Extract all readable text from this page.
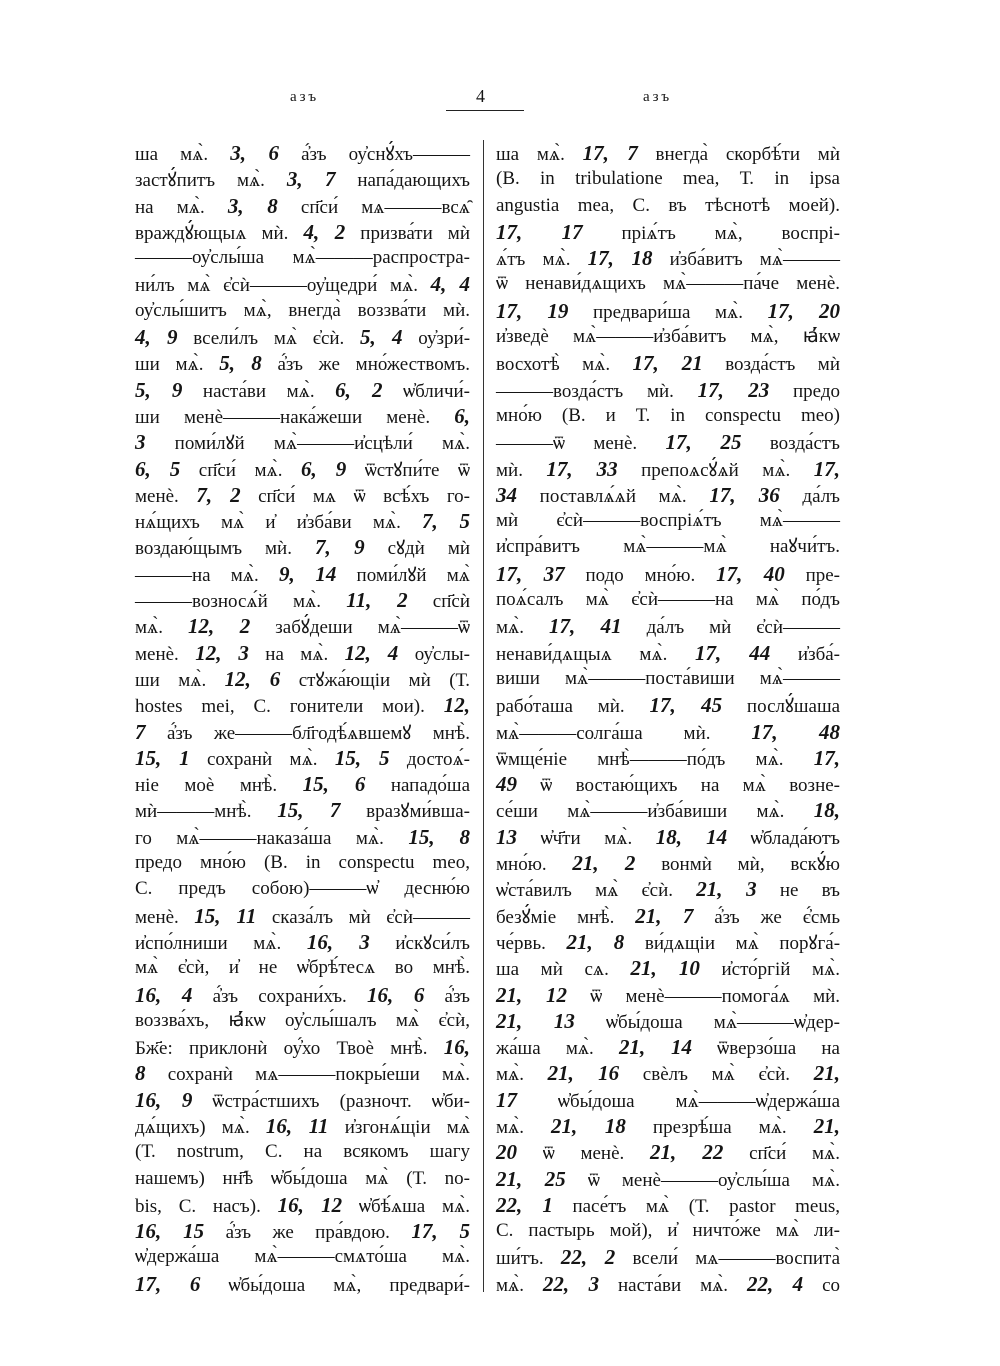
азъ	4	азъ
ша мѧ̀. 3, 6 а҆́зъ оу҆снꙋ́хъ———
застꙋ́питъ мѧ̀. 3, 7 напа́дающихъ
на мѧ̀. 3, 8 сп҃си́ мѧ———всѧ̑
враждꙋ́ющыѧ мѝ. 4, 2 призва́ти мѝ
———оу҆слы́ша мѧ̀———распростра-
ни́лъ мѧ̀ є҆сѝ———оу҆щедри́ мѧ̀. 4, 4
оу҆слы́шитъ мѧ̀, внегда̀ воззва́ти мѝ.
4, 9 всели́лъ мѧ̀ є҆сѝ. 5, 4 оу҆зри́-
ши мѧ̀. 5, 8 а҆́зъ же мно́жествомъ.
5, 9 наста́ви мѧ̀. 6, 2 ѡ҆бличи́-
ши менѐ———нака́жеши менѐ. 6,
3 поми́лꙋй мѧ̀———и҆сцѣли́ мѧ̀.
6, 5 сп҃си́ мѧ̀. 6, 9 ѿстꙋпи́те ѿ
менѐ. 7, 2 сп҃си́ мѧ ѿ всѣ́хъ го-
нѧ́щихъ мѧ̀ и҆ и҆зба́ви мѧ̀. 7, 5
воздаю́щымъ мѝ. 7, 9 сꙋдѝ мѝ
———на мѧ̀. 9, 14 поми́лꙋй мѧ̀
———возносѧ́й мѧ̀. 11, 2 сп҃сѝ
мѧ̀. 12, 2 забꙋ́деши мѧ̀———ѿ
менѐ. 12, 3 на мѧ̀. 12, 4 оу҆слы-
ши мѧ̀. 12, 6 стꙋжа́ющіи мѝ (Т.
hostes mei, С. гонители мои). 12,
7 а҆́зъ же———бл҃годѣ́ѧвшемꙋ мнѣ̀.
15, 1 сохранѝ мѧ̀. 15, 5 достоѧ́-
ніе моѐ мнѣ̀. 15, 6 нападо́ша
мѝ———мнѣ̀. 15, 7 вразꙋми́вша-
го мѧ̀———наказа́ша мѧ̀. 15, 8
предо мно́ю (В. in conspectu meo,
С. предъ собою)———ѡ҆ десню́ю
менѐ. 15, 11 сказа́лъ мѝ є҆сѝ———
и҆спо́лниши мѧ̀. 16, 3 и҆скꙋси́лъ
мѧ̀ є҆сѝ, и҆ не ѡ҆брѣ́тесѧ во мнѣ̀.
16, 4 а҆́зъ сохрани́хъ. 16, 6 а҆́зъ
воззва́хъ, ꙗ҆́кѡ оу҆слы́шалъ мѧ̀ є҆сѝ,
Бж҃е: приклонѝ оу҆́хо Твоѐ мнѣ̀. 16,
8 сохранѝ мѧ———покры́еши мѧ̀.
16, 9 ѿстра́стшихъ (разночт. ѡ҆би-
дѧ́щихъ) мѧ̀. 16, 11 и҆згонѧ́щіи мѧ̀
(Т. nostrum, С. на всякомъ шагу
нашемъ) нн҃ѣ ѡ҆бы́доша мѧ̀ (Т. no-
bis, С. насъ). 16, 12 ѡ҆бѣ́ѧша мѧ̀.
16, 15 а҆́зъ же пра́вдою. 17, 5
ѡ҆держа́ша мѧ̀———смѧто́ша мѧ̀.
17, 6 ѡ҆бы́доша мѧ̀, предвари́-
ша мѧ̀. 17, 7 внегда̀ скорбѣ́ти мѝ
(В. in tribulatione mea, Т. in ipsa
angustia mea, С. въ тѣснотѣ моей).
17, 17 пріѧ́тъ мѧ̀, воспрі-
ѧ́тъ мѧ̀. 17, 18 и҆зба́витъ мѧ̀———
ѿ ненави́дѧщихъ мѧ̀———па́че менѐ.
17, 19 предвари́ша мѧ̀. 17, 20
и҆зведѐ мѧ̀———и҆зба́витъ мѧ̀, ꙗ҆́кѡ
восхотѣ̀ мѧ̀. 17, 21 возда́стъ мѝ
———возда́стъ мѝ. 17, 23 предо
мно́ю (В. и Т. in conspectu meo)
———ѿ менѐ. 17, 25 возда́стъ
мѝ. 17, 33 препоѧсꙋ́ѧй мѧ̀. 17,
34 поставлѧ́ѧй мѧ̀. 17, 36 да́лъ
мѝ є҆сѝ———воспріѧ́тъ мѧ̀———
и҆спра́витъ мѧ̀———мѧ̀ наꙋчи́тъ.
17, 37 подо мно́ю. 17, 40 пре-
поѧ́салъ мѧ̀ є҆сѝ———на мѧ̀ по́дъ
мѧ̀. 17, 41 да́лъ мѝ є҆сѝ———
ненави́дѧщыѧ мѧ̀. 17, 44 и҆зба́-
виши мѧ̀———поста́виши мѧ̀———
рабо́таша мѝ. 17, 45 послꙋ́шаша
мѧ̀———солга́ша мѝ. 17, 48
ѿмще́ніе мнѣ̀———по́дъ мѧ̀. 17,
49 ѿ востаю́щихъ на мѧ̀ возне-
се́ши мѧ̀———и҆зба́виши мѧ̀. 18,
13 ѡ҆ч҃ти мѧ̀. 18, 14 ѡ҆блада́ютъ
мно́ю. 21, 2 вонмѝ мѝ, вскꙋ́ю
ѡ҆ста́вилъ мѧ̀ є҆сѝ. 21, 3 не въ
безꙋ́міе мнѣ̀. 21, 7 а҆́зъ же є҆́смь
че́рвь. 21, 8 ви́дѧщіи мѧ̀ порꙋга́-
ша мѝ сѧ. 21, 10 и҆сто́ргій мѧ̀.
21, 12 ѿ менѐ———помога́ѧ мѝ.
21, 13 ѡ҆бы́доша мѧ̀———ѡ҆дер-
жа́ша мѧ̀. 21, 14 ѿверзо́ша на
мѧ̀. 21, 16 свѐлъ мѧ̀ є҆сѝ. 21,
17 ѡ҆бы́доша мѧ̀———ѡ҆держа́ша
мѧ̀. 21, 18 презрѣ́ша мѧ̀. 21,
20 ѿ менѐ. 21, 22 сп҃си́ мѧ̀.
21, 25 ѿ менѐ———оу҆слы́ша мѧ̀.
22, 1 пасе́тъ мѧ̀ (Т. pastor meus,
С. пастырь мой), и҆ ничто́же мѧ̀ ли-
ши́тъ. 22, 2 всели́ мѧ———воспита̀
мѧ̀. 22, 3 наста́ви мѧ̀. 22, 4 со
